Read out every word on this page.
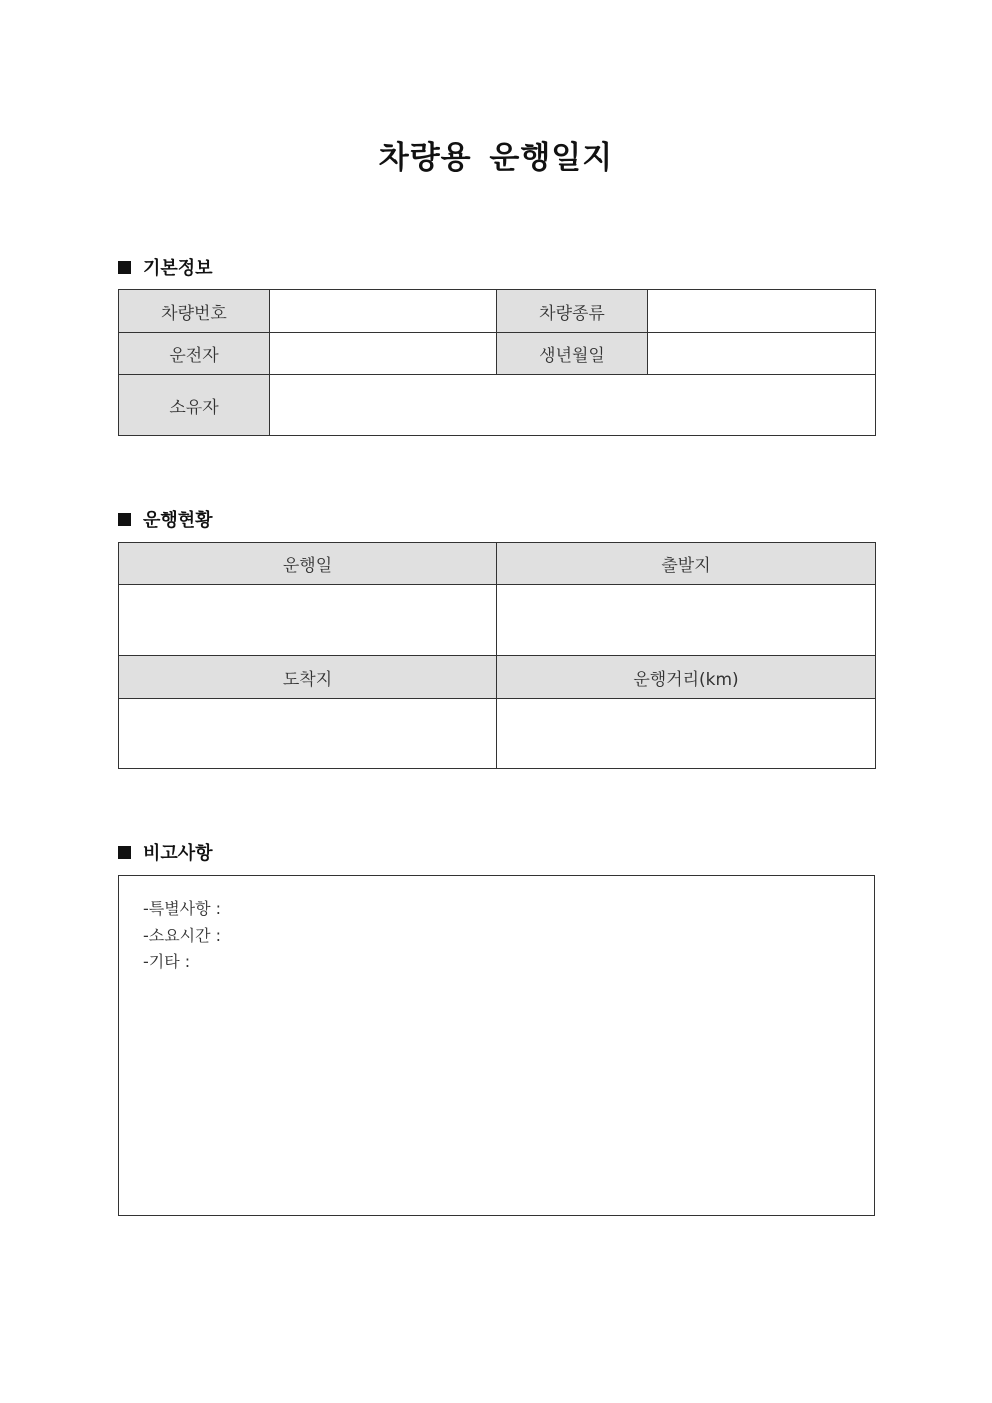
차량용 운행일지
기본정보
차량번호		차량종류	
운전자		생년월일	
소유자			
운행현황
운행일	출발지

도착지	운행거리(km)

비고사항
-특별사항 :
-소요시간 :
-기타 :
